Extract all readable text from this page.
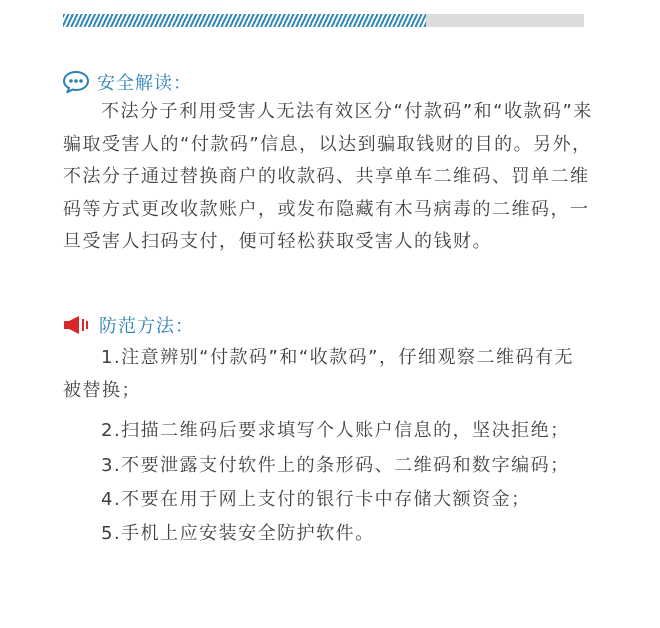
安全解读：

不法分子利用受害人无法有效区分“付款码”和“收款码”来骗取受害人的“付款码”信息，以达到骗取钱财的目的。另外，不法分子通过替换商户的收款码、共享单车二维码、罚单二维码等方式更改收款账户，或发布隐藏有木马病毒的二维码，一旦受害人扫码支付，便可轻松获取受害人的钱财。

防范方法：

1.注意辨别“付款码”和“收款码”，仔细观察二维码有无被替换；

2.扫描二维码后要求填写个人账户信息的，坚决拒绝；

3.不要泄露支付软件上的条形码、二维码和数字编码；

4.不要在用于网上支付的银行卡中存储大额资金；

5.手机上应安装安全防护软件。
